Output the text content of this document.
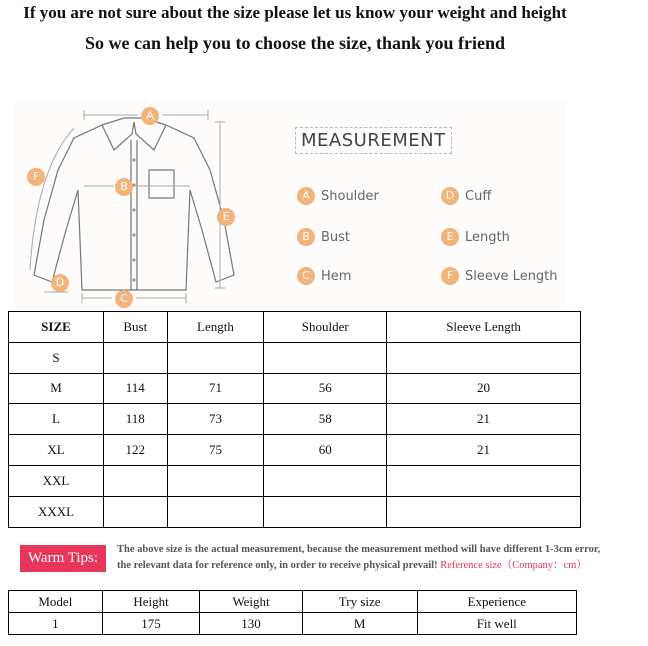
If you are not sure about the size please let us know your weight and height
So we can help you to choose the size, thank you friend
A
B
C
D
E
F
MEASUREMENT
A Shoulder
B Bust
C Hem
D Cuff
E Length
F Sleeve Length
SIZE	Bust	Length	Shoulder	Sleeve Length
S				
M	114	71	56	20
L	118	73	58	21
XL	122	75	60	21
XXL				
XXXL				
Warm Tips:
The above size is the actual measurement, because the measurement method will have different 1-3cm error,
the relevant data for reference only, in order to receive physical prevail! Reference size（Company：cm）
Model	Height	Weight	Try size	Experience
1	175	130	M	Fit well
